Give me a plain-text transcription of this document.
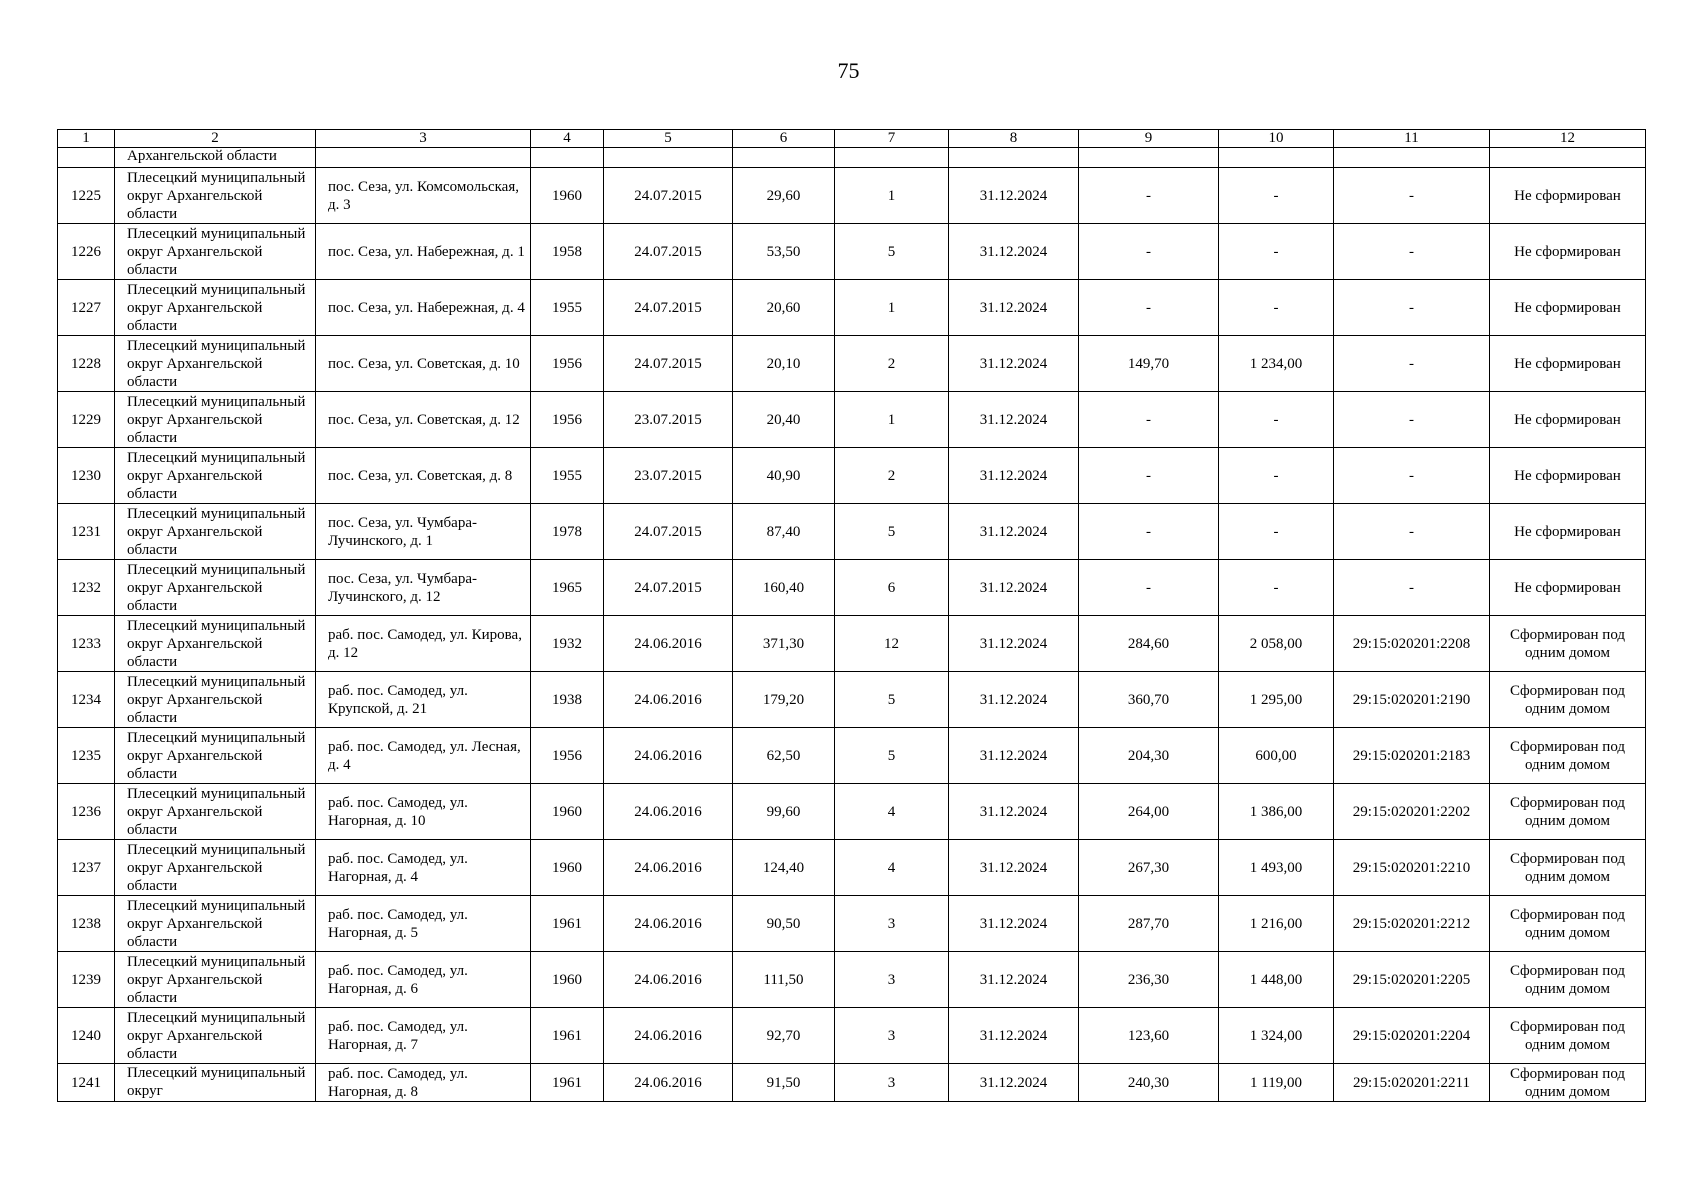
75
1	2	3	4	5	6	7	8	9	10	11	12
	Архангельской области										
1225	Плесецкий муниципальный округ Архангельской области	пос. Сеза, ул. Комсомольская, д. 3	1960	24.07.2015	29,60	1	31.12.2024	-	-	-	Не сформирован
1226	Плесецкий муниципальный округ Архангельской области	пос. Сеза, ул. Набережная, д. 1	1958	24.07.2015	53,50	5	31.12.2024	-	-	-	Не сформирован
1227	Плесецкий муниципальный округ Архангельской области	пос. Сеза, ул. Набережная, д. 4	1955	24.07.2015	20,60	1	31.12.2024	-	-	-	Не сформирован
1228	Плесецкий муниципальный округ Архангельской области	пос. Сеза, ул. Советская, д. 10	1956	24.07.2015	20,10	2	31.12.2024	149,70	1 234,00	-	Не сформирован
1229	Плесецкий муниципальный округ Архангельской области	пос. Сеза, ул. Советская, д. 12	1956	23.07.2015	20,40	1	31.12.2024	-	-	-	Не сформирован
1230	Плесецкий муниципальный округ Архангельской области	пос. Сеза, ул. Советская, д. 8	1955	23.07.2015	40,90	2	31.12.2024	-	-	-	Не сформирован
1231	Плесецкий муниципальный округ Архангельской области	пос. Сеза, ул. Чумбара-Лучинского, д. 1	1978	24.07.2015	87,40	5	31.12.2024	-	-	-	Не сформирован
1232	Плесецкий муниципальный округ Архангельской области	пос. Сеза, ул. Чумбара-Лучинского, д. 12	1965	24.07.2015	160,40	6	31.12.2024	-	-	-	Не сформирован
1233	Плесецкий муниципальный округ Архангельской области	раб. пос. Самодед, ул. Кирова, д. 12	1932	24.06.2016	371,30	12	31.12.2024	284,60	2 058,00	29:15:020201:2208	Сформирован под одним домом
1234	Плесецкий муниципальный округ Архангельской области	раб. пос. Самодед, ул. Крупской, д. 21	1938	24.06.2016	179,20	5	31.12.2024	360,70	1 295,00	29:15:020201:2190	Сформирован под одним домом
1235	Плесецкий муниципальный округ Архангельской области	раб. пос. Самодед, ул. Лесная, д. 4	1956	24.06.2016	62,50	5	31.12.2024	204,30	600,00	29:15:020201:2183	Сформирован под одним домом
1236	Плесецкий муниципальный округ Архангельской области	раб. пос. Самодед, ул. Нагорная, д. 10	1960	24.06.2016	99,60	4	31.12.2024	264,00	1 386,00	29:15:020201:2202	Сформирован под одним домом
1237	Плесецкий муниципальный округ Архангельской области	раб. пос. Самодед, ул. Нагорная, д. 4	1960	24.06.2016	124,40	4	31.12.2024	267,30	1 493,00	29:15:020201:2210	Сформирован под одним домом
1238	Плесецкий муниципальный округ Архангельской области	раб. пос. Самодед, ул. Нагорная, д. 5	1961	24.06.2016	90,50	3	31.12.2024	287,70	1 216,00	29:15:020201:2212	Сформирован под одним домом
1239	Плесецкий муниципальный округ Архангельской области	раб. пос. Самодед, ул. Нагорная, д. 6	1960	24.06.2016	111,50	3	31.12.2024	236,30	1 448,00	29:15:020201:2205	Сформирован под одним домом
1240	Плесецкий муниципальный округ Архангельской области	раб. пос. Самодед, ул. Нагорная, д. 7	1961	24.06.2016	92,70	3	31.12.2024	123,60	1 324,00	29:15:020201:2204	Сформирован под одним домом
1241	Плесецкий муниципальный округ	раб. пос. Самодед, ул. Нагорная, д. 8	1961	24.06.2016	91,50	3	31.12.2024	240,30	1 119,00	29:15:020201:2211	Сформирован под одним домом
